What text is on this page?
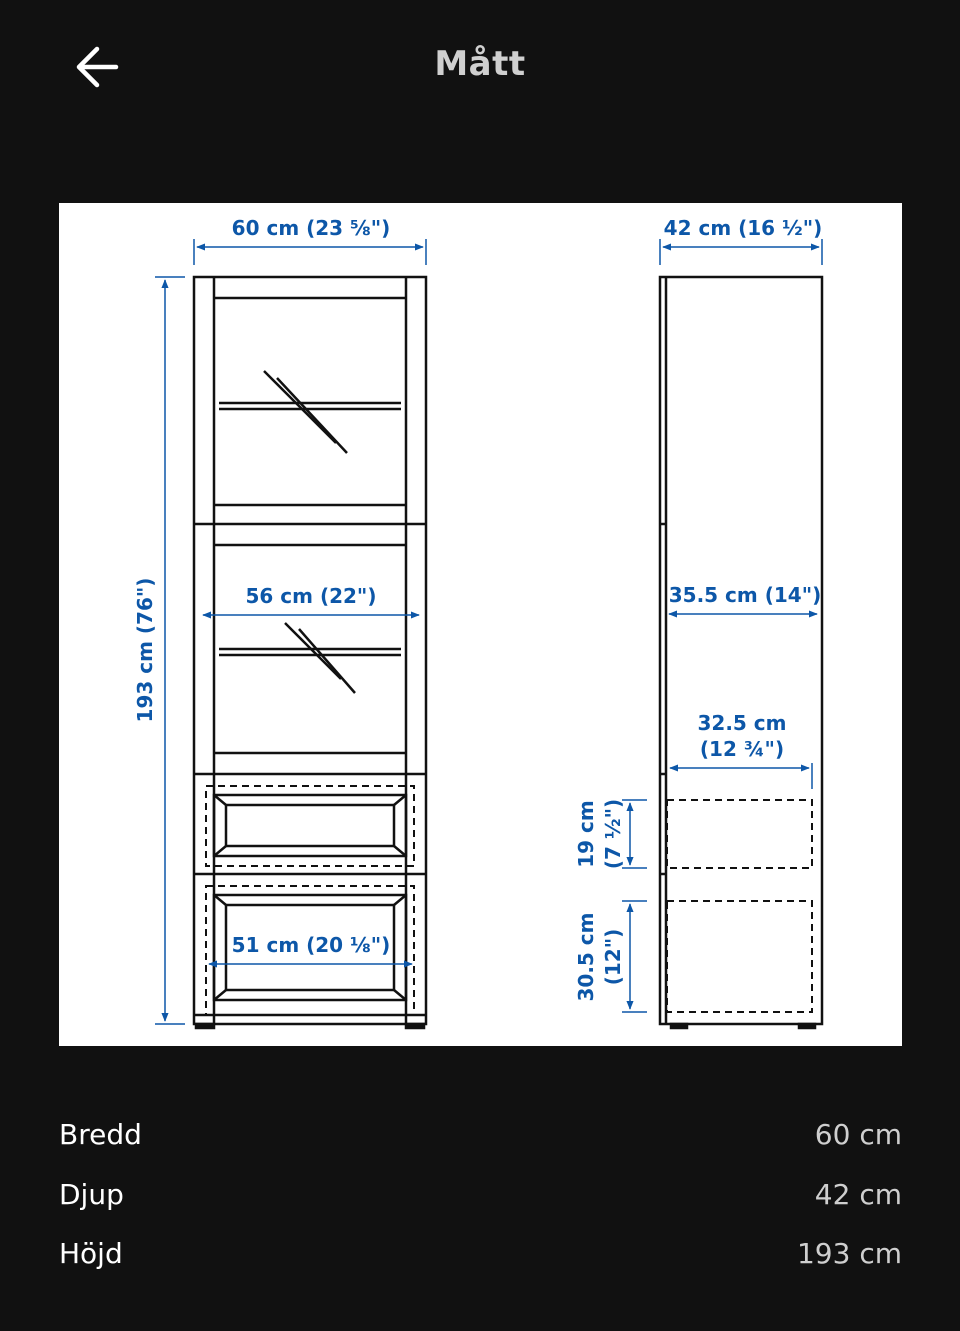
Mått
60 cm (23 ⅝")
56 cm (22")
51 cm (20 ⅛")
193 cm (76")
42 cm (16 ½")
35.5 cm (14")
32.5 cm
(12 ¾")
19 cm (7 ½")
30.5 cm (12")
Bredd	60 cm
Djup	42 cm
Höjd	193 cm
